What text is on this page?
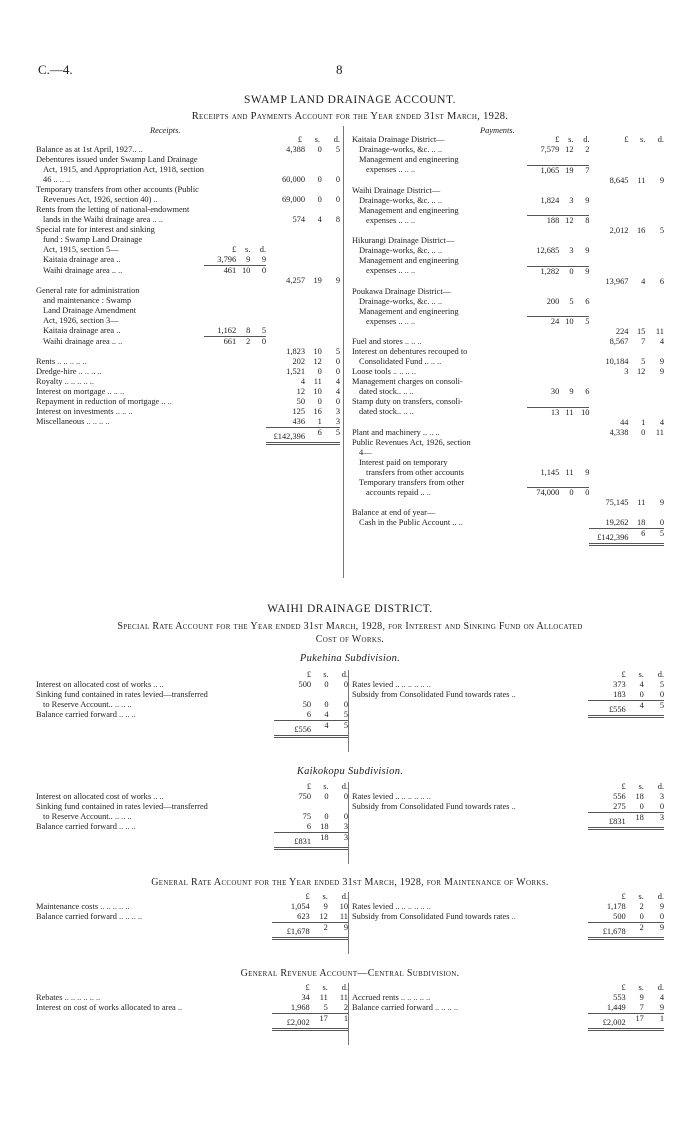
C.—4.	8
SWAMP LAND DRAINAGE ACCOUNT.
Receipts and Payments Account for the Year ended 31st March, 1928.
Receipts.	Payments.
£	s.	d.
Balance as at 1st April, 1927.. ..				4,388	0	5
Debentures issued under Swamp Land Drainage						
Act, 1915, and Appropriation Act, 1918, section						
46 .. .. ..				60,000	0	0
Temporary transfers from other accounts (Public						
Revenues Act, 1926, section 40) ..				69,000	0	0
Rents from the letting of national-endowment						
lands in the Waihi drainage area .. ..				574	4	8
Special rate for interest and sinking						
fund : Swamp Land Drainage						
Act, 1915, section 5—	£	s.	d.			
Kaitaia drainage area ..	3,796	9	9			
Waihi drainage area .. ..	461	10	0			
				4,257	19	9
General rate for administration						
and maintenance : Swamp						
Land Drainage Amendment						
Act, 1926, section 3—						
Kaitaia drainage area ..	1,162	8	5			
Waihi drainage area .. ..	661	2	0			
				1,823	10	5
Rents .. .. .. .. ..				202	12	0
Dredge-hire .. .. .. ..				1,521	0	0
Royalty .. .. .. .. ..				4	11	4
Interest on mortgage .. .. ..				12	10	4
Repayment in reduction of mortgage .. ..				50	0	0
Interest on investments .. .. ..				125	16	3
Miscellaneous .. .. .. ..				436	1	3
				£142,396	6	5
Kaitaia Drainage District—	£	s.	d.	£	s.	d.
Drainage-works, &c. .. ..	7,579	12	2			
Management and engineering						
expenses .. .. ..	1,065	19	7			
				8,645	11	9
Waihi Drainage District—						
Drainage-works, &c. .. ..	1,824	3	9			
Management and engineering						
expenses .. .. ..	188	12	8			
				2,012	16	5
Hikurangi Drainage District—						
Drainage-works, &c. .. ..	12,685	3	9			
Management and engineering						
expenses .. .. ..	1,282	0	9			
				13,967	4	6
Poukawa Drainage District—						
Drainage-works, &c. .. ..	200	5	6			
Management and engineering						
expenses .. .. ..	24	10	5			
				224	15	11
Fuel and stores .. .. ..				8,567	7	4
Interest on debentures recouped to						
Consolidated Fund .. .. ..				10,184	5	9
Loose tools .. .. .. ..				3	12	9
Management charges on consoli-						
dated stock.. .. ..	30	9	6			
Stamp duty on transfers, consoli-						
dated stock.. .. ..	13	11	10			
				44	1	4
Plant and machinery .. .. ..				4,338	0	11
Public Revenues Act, 1926, section						
4—						
Interest paid on temporary						
transfers from other accounts	1,145	11	9			
Temporary transfers from other						
accounts repaid .. ..	74,000	0	0			
				75,145	11	9
Balance at end of year—						
Cash in the Public Account .. ..				19,262	18	0
				£142,396	6	5
WAIHI DRAINAGE DISTRICT.
Special Rate Account for the Year ended 31st March, 1928, for Interest and Sinking Fund on Allocated
Cost of Works.
Pukehina Subdivision.
	£	s.	d.
Interest on allocated cost of works .. ..	500	0	0
Sinking fund contained in rates levied—transferred			
to Reserve Account.. .. .. ..	50	0	0
Balance carried forward .. .. ..	6	4	5
	£556	4	5
	£	s.	d.
Rates levied .. .. .. .. .. ..	373	4	5
Subsidy from Consolidated Fund towards rates ..	183	0	0
	£556	4	5
Kaikokopu Subdivision.
	£	s.	d.
Interest on allocated cost of works .. ..	750	0	0
Sinking fund contained in rates levied—transferred			
to Reserve Account.. .. .. ..	75	0	0
Balance carried forward .. .. ..	6	18	3
	£831	18	3
	£	s.	d.
Rates levied .. .. .. .. .. ..	556	18	3
Subsidy from Consolidated Fund towards rates ..	275	0	0
	£831	18	3
General Rate Account for the Year ended 31st March, 1928, for Maintenance of Works.
	£	s.	d.
Maintenance costs .. .. .. .. ..	1,054	9	10
Balance carried forward .. .. .. ..	623	12	11
	£1,678	2	9
	£	s.	d.
Rates levied .. .. .. .. .. ..	1,178	2	9
Subsidy from Consolidated Fund towards rates ..	500	0	0
	£1,678	2	9
General Revenue Account—Central Subdivision.
	£	s.	d.
Rebates .. .. .. .. .. ..	34	11	11
Interest on cost of works allocated to area ..	1,968	5	2
	£2,002	17	1
	£	s.	d.
Accrued rents .. .. .. .. ..	553	9	4
Balance carried forward .. .. .. ..	1,449	7	9
	£2,002	17	1
